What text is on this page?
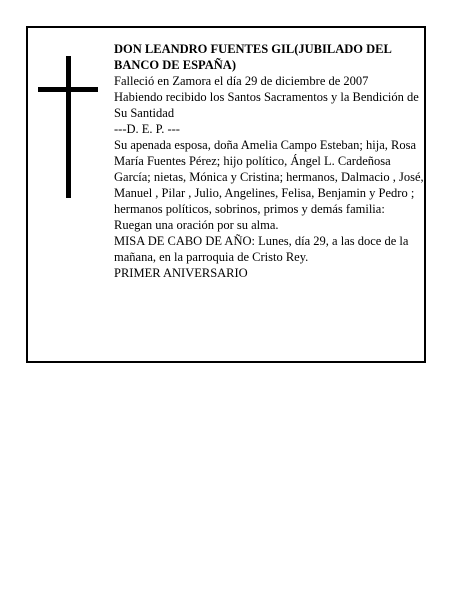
DON LEANDRO FUENTES GIL(JUBILADO DEL BANCO DE ESPAÑA)

Falleció en Zamora el día 29 de diciembre de 2007

Habiendo recibido los Santos Sacramentos y la Bendición de Su Santidad

---D. E. P. ---

Su apenada esposa, doña Amelia Campo Esteban; hija, Rosa María Fuentes Pérez; hijo político, Ángel L. Cardeñosa García; nietas, Mónica y Cristina; hermanos, Dalmacio , José, Manuel , Pilar , Julio, Angelines, Felisa, Benjamin y Pedro ; hermanos políticos, sobrinos, primos y demás familia:

Ruegan una oración por su alma.

MISA DE CABO DE AÑO: Lunes, día 29, a las doce de la mañana, en la parroquia de Cristo Rey.

PRIMER ANIVERSARIO
